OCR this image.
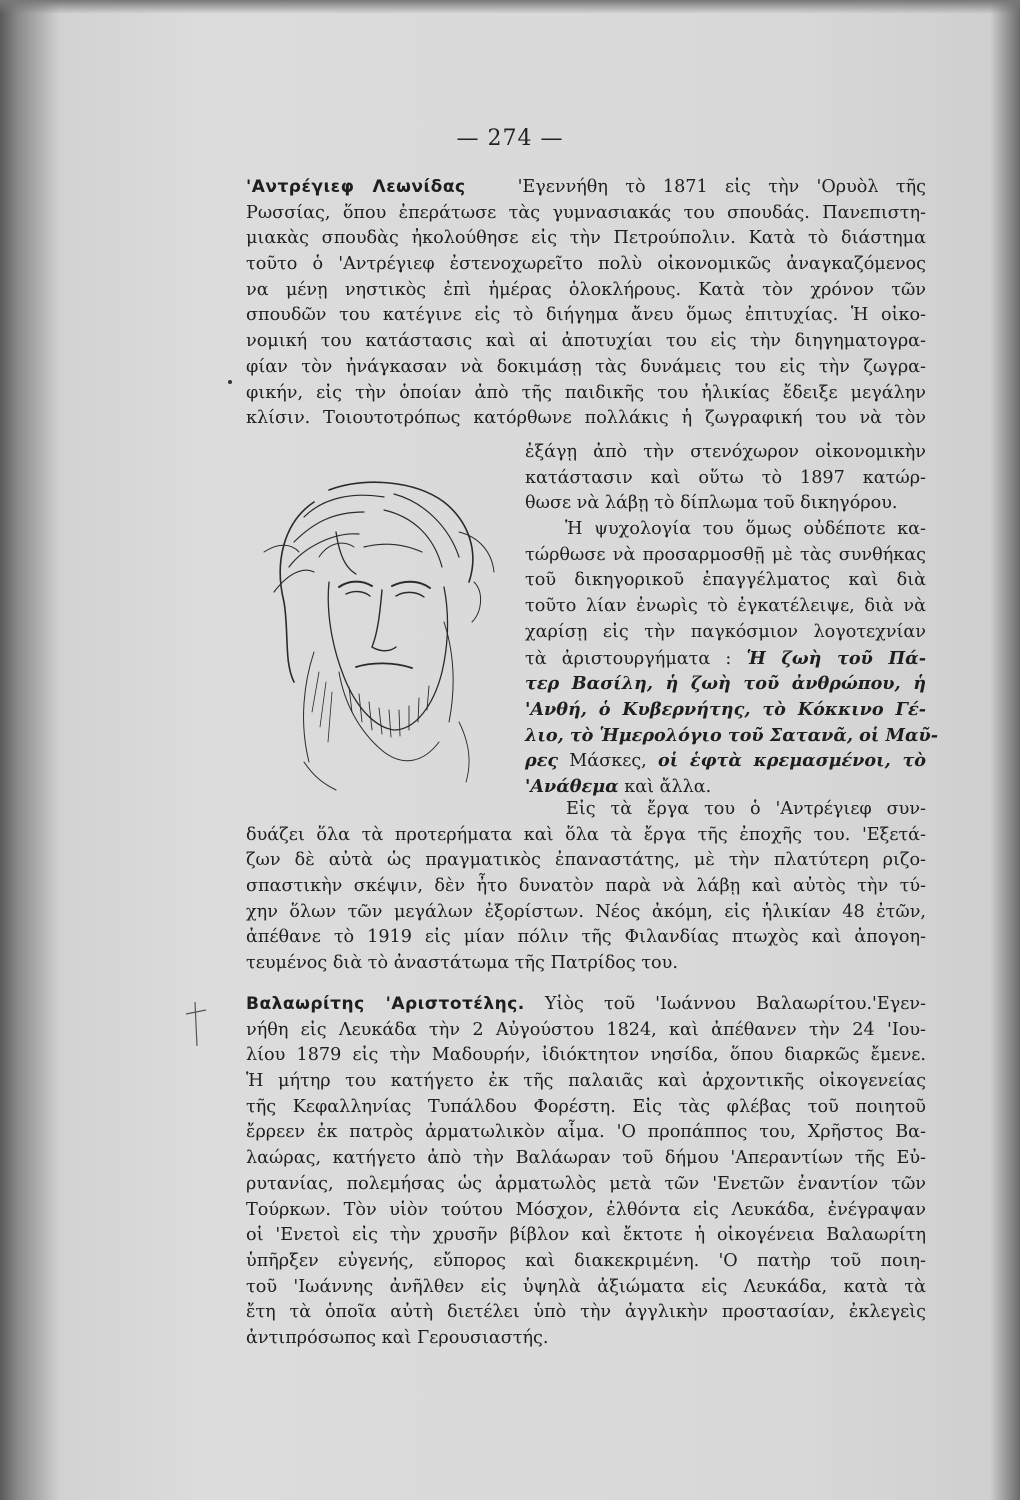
— 274 —
'Αντρέγιεφ Λεωνίδας	'Εγεννήθη τὸ 1871 εἰς τὴν 'Ορυὸλ τῆς
Ρωσσίας, ὅπου ἐπεράτωσε τὰς γυμνασιακάς του σπουδάς. Πανεπιστη-
μιακὰς σπουδὰς ἠκολούθησε εἰς τὴν Πετρούπολιν. Κατὰ τὸ διάστημα
τοῦτο ὁ 'Αντρέγιεφ ἐστενοχωρεῖτο πολὺ οἰκονομικῶς ἀναγκαζόμενος
να μένῃ νηστικὸς ἐπὶ ἡμέρας ὁλοκλήρους. Κατὰ τὸν χρόνον τῶν
σπουδῶν του κατέγινε εἰς τὸ διήγημα ἄνευ ὅμως ἐπιτυχίας. Ἡ οἰκο-
νομική του κατάστασις καὶ αἱ ἀποτυχίαι του εἰς τὴν διηγηματογρα-
φίαν τὸν ἠνάγκασαν νὰ δοκιμάσῃ τὰς δυνάμεις του εἰς τὴν ζωγρα-
φικήν, εἰς τὴν ὁποίαν ἀπὸ τῆς παιδικῆς του ἡλικίας ἔδειξε μεγάλην
κλίσιν. Τοιουτοτρόπως κατόρθωνε πολλάκις ἡ ζωγραφική του νὰ τὸν
ἐξάγῃ ἀπὸ τὴν στενόχωρον οἰκονομικὴν
κατάστασιν καὶ οὕτω τὸ 1897 κατώρ-
θωσε νὰ λάβῃ τὸ δίπλωμα τοῦ δικηγόρου.
Ἡ ψυχολογία του ὅμως οὐδέποτε κα-
τώρθωσε νὰ προσαρμοσθῇ μὲ τὰς συνθήκας
τοῦ δικηγορικοῦ ἐπαγγέλματος καὶ διὰ
τοῦτο λίαν ἐνωρὶς τὸ ἐγκατέλειψε, διὰ νὰ
χαρίσῃ εἰς τὴν παγκόσμιον λογοτεχνίαν
τὰ ἀριστουργήματα : Ἡ ζωὴ τοῦ Πά-
τερ Βασίλη, ἡ ζωὴ τοῦ ἀνθρώπου, ἡ
'Ανθή, ὁ Κυβερνήτης, τὸ Κόκκινο Γέ-
λιο, τὸ Ἡμερολόγιο τοῦ Σατανᾶ, οἱ Μαῦ-
ρες Μάσκες, οἱ ἑφτὰ κρεμασμένοι, τὸ
'Ανάθεμα καὶ ἄλλα.
Εἰς τὰ ἔργα του ὁ 'Αντρέγιεφ συν-
δυάζει ὅλα τὰ προτερήματα καὶ ὅλα τὰ ἔργα τῆς ἐποχῆς του. 'Εξετά-
ζων δὲ αὐτὰ ὡς πραγματικὸς ἐπαναστάτης, μὲ τὴν πλατύτερη ριζο-
σπαστικὴν σκέψιν, δὲν ἦτο δυνατὸν παρὰ νὰ λάβῃ καὶ αὐτὸς τὴν τύ-
χην ὅλων τῶν μεγάλων ἐξορίστων. Νέος ἀκόμη, εἰς ἡλικίαν 48 ἐτῶν,
ἀπέθανε τὸ 1919 εἰς μίαν πόλιν τῆς Φιλανδίας πτωχὸς καὶ ἀπογοη-
τευμένος διὰ τὸ ἀναστάτωμα τῆς Πατρίδος του.
Βαλαωρίτης 'Αριστοτέλης. Υἱὸς τοῦ 'Ιωάννου Βαλαωρίτου.'Εγεν-
νήθη εἰς Λευκάδα τὴν 2 Αὐγούστου 1824, καὶ ἀπέθανεν τὴν 24 'Ιου-
λίου 1879 εἰς τὴν Μαδουρήν, ἰδιόκτητον νησίδα, ὅπου διαρκῶς ἔμενε.
Ἡ μήτηρ του κατήγετο ἐκ τῆς παλαιᾶς καὶ ἀρχοντικῆς οἰκογενείας
τῆς Κεφαλληνίας Τυπάλδου Φορέστη. Εἰς τὰς φλέβας τοῦ ποιητοῦ
ἔρρεεν ἐκ πατρὸς ἀρματωλικὸν αἷμα. 'Ο προπάππος του, Χρῆστος Βα-
λαώρας, κατήγετο ἀπὸ τὴν Βαλάωραν τοῦ δήμου 'Απεραντίων τῆς Εὐ-
ρυτανίας, πολεμήσας ὡς ἀρματωλὸς μετὰ τῶν 'Ενετῶν ἐναντίον τῶν
Τούρκων. Τὸν υἱὸν τούτου Μόσχον, ἐλθόντα εἰς Λευκάδα, ἐνέγραψαν
οἱ 'Ενετοὶ εἰς τὴν χρυσῆν βίβλον καὶ ἔκτοτε ἡ οἰκογένεια Βαλαωρίτη
ὑπῆρξεν εὐγενής, εὔπορος καὶ διακεκριμένη. 'Ο πατὴρ τοῦ ποιη-
τοῦ 'Ιωάννης ἀνῆλθεν εἰς ὑψηλὰ ἀξιώματα εἰς Λευκάδα, κατὰ τὰ
ἔτη τὰ ὁποῖα αὐτὴ διετέλει ὑπὸ τὴν ἀγγλικὴν προστασίαν, ἐκλεγεὶς
ἀντιπρόσωπος καὶ Γερουσιαστής.
